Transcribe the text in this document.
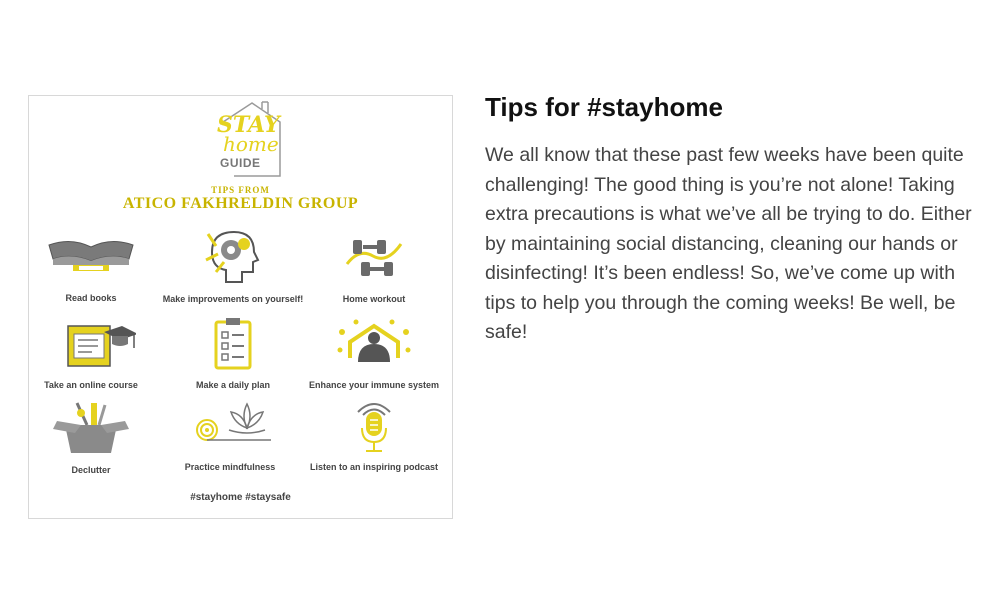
STAY
home
GUIDE
TIPS FROM
ATICO FAKHRELDIN GROUP
Read books	Make improvements on yourself!	Home workout
Take an online course	Make a daily plan	Enhance your immune system
Declutter	Practice mindfulness	Listen to an inspiring podcast
#stayhome #staysafe
Tips for #stayhome

We all know that these past few weeks have been quite challenging! The good thing is you’re not alone! Taking extra precautions is what we’ve all be trying to do. Either by maintaining social distancing, cleaning our hands or disinfecting! It’s been endless! So, we’ve come up with tips to help you through the coming weeks! Be well, be safe!
